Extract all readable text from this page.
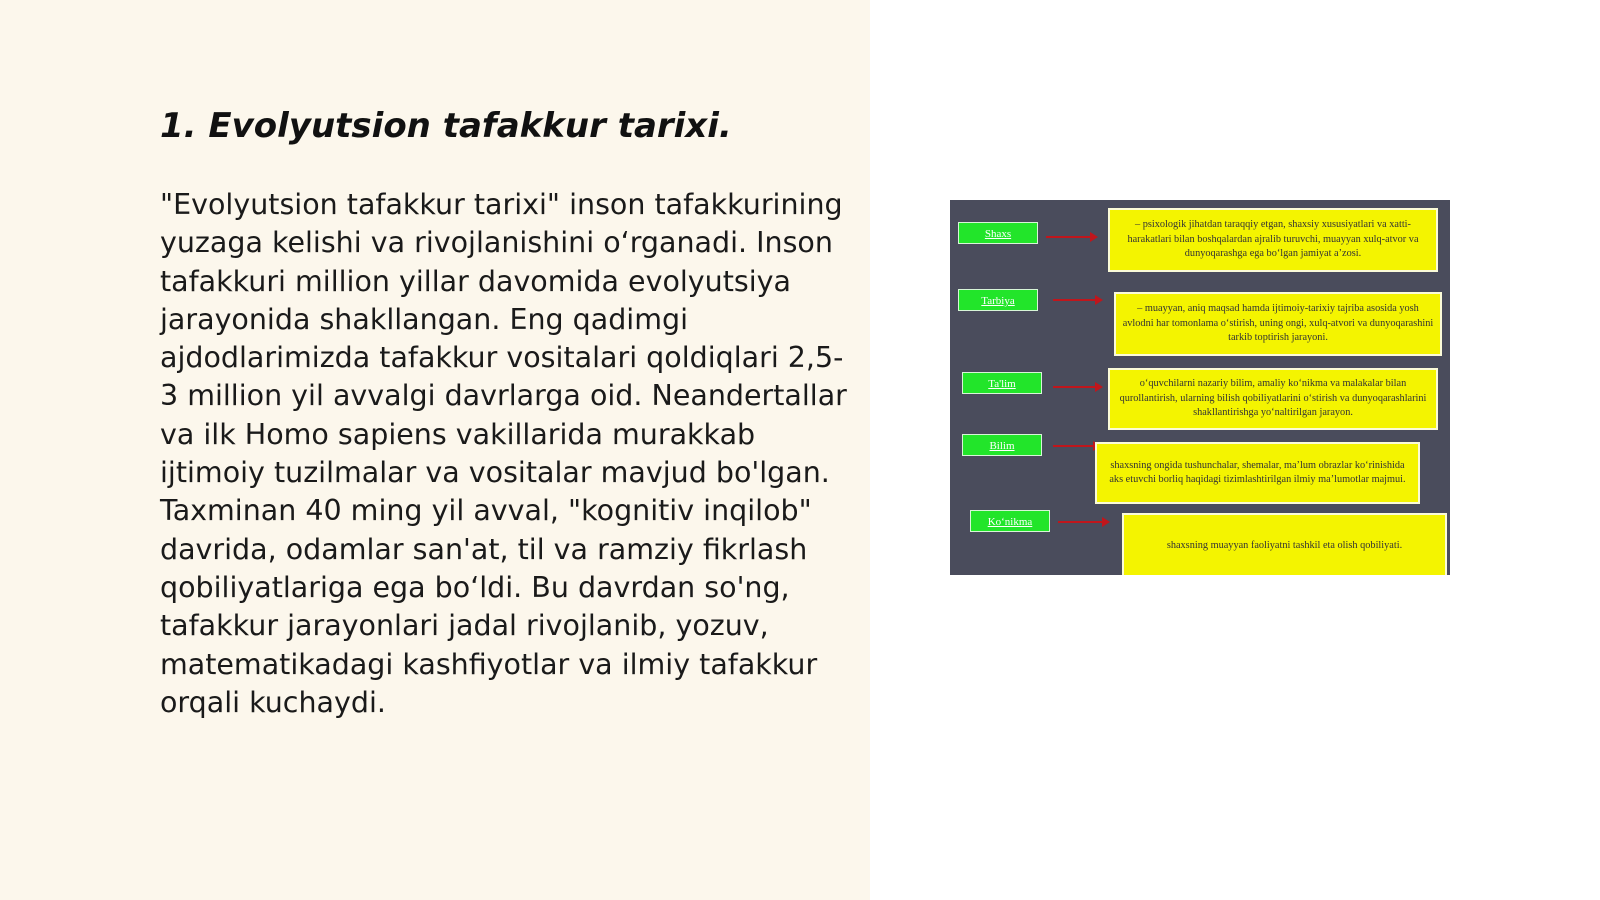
1. Evolyutsion tafakkur tarixi.

"Evolyutsion tafakkur tarixi" inson tafakkurining yuzaga kelishi va rivojlanishini o‘rganadi. Inson tafakkuri million yillar davomida evolyutsiya jarayonida shakllangan. Eng qadimgi ajdodlarimizda tafakkur vositalari qoldiqlari 2,5-3 million yil avvalgi davrlarga oid. Neandertallar va ilk Homo sapiens vakillarida murakkab ijtimoiy tuzilmalar va vositalar mavjud bo'lgan. Taxminan 40 ming yil avval, "kognitiv inqilob" davrida, odamlar san'at, til va ramziy fikrlash qobiliyatlariga ega bo‘ldi. Bu davrdan so'ng, tafakkur jarayonlari jadal rivojlanib, yozuv, matematikadagi kashfiyotlar va ilmiy tafakkur orqali kuchaydi.

Shaxs
– psixologik jihatdan taraqqiy etgan, shaxsiy xususiyatlari va xatti-harakatlari bilan boshqalardan ajralib turuvchi, muayyan xulq-atvor va dunyoqarashga ega bo‘lgan jamiyat a’zosi.
Tarbiya
– muayyan, aniq maqsad hamda ijtimoiy-tarixiy tajriba asosida yosh avlodni har tomonlama o‘stirish, uning ongi, xulq-atvori va dunyoqarashini tarkib toptirish jarayoni.
Ta'lim	o‘quvchilarni nazariy bilim, amaliy ko‘nikma va malakalar bilan qurollantirish, ularning bilish qobiliyatlarini o‘stirish va dunyoqarashlarini shakllantirishga yo‘naltirilgan jarayon.
Bilim
shaxsning ongida tushunchalar, shemalar, ma’lum obrazlar ko‘rinishida aks etuvchi borliq haqidagi tizimlashtirilgan ilmiy ma’lumotlar majmui.
Ko‘nikma
shaxsning muayyan faoliyatni tashkil eta olish qobiliyati.
